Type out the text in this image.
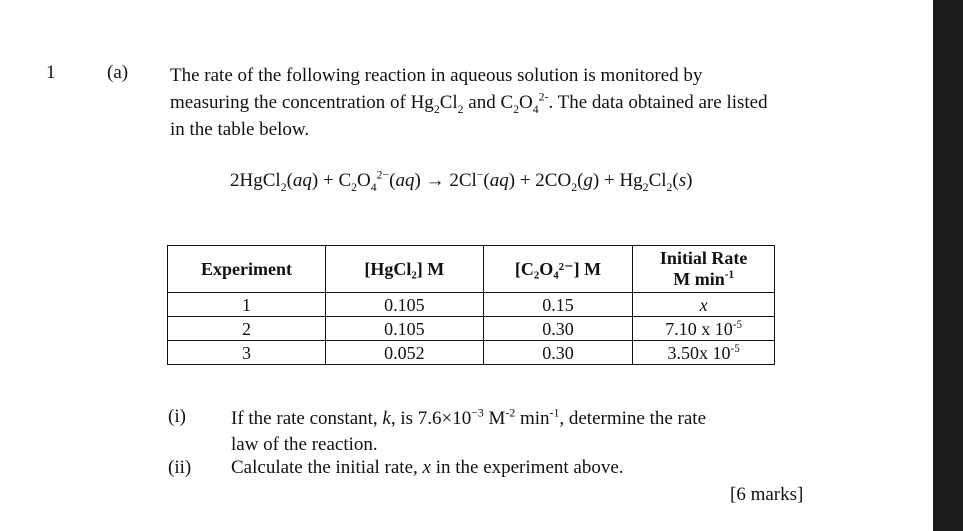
1	(a) The rate of the following reaction in aqueous solution is monitored by
measuring the concentration of $Hg_2Cl_2$ and $C_2O_4^{2-}$. The data obtained are listed
in the table below.
2HgCl$_2$(aq) + $C_2O_4^{2-}(aq) \to 2Cl^-(aq) + 2CO_2(g) + Hg_2Cl_2(s)$
Experiment	[HgCl₂] M	[C₂O₄²⁻] M	Initial Rate
M $\min^{-1}$
1	0.105	0.15	x
2	0.105	0.30	7.10 x $10^{-5}$
3	0.052	0.30	3.50x $10^{-5}$
(i) If the rate constant, k, is $7.6\times 10^{-3}$ $M^{-2}$ $\min^{-1}$, determine the rate
law of the reaction.
(ii) Calculate the initial rate, x in the experiment above.
[6 marks]
